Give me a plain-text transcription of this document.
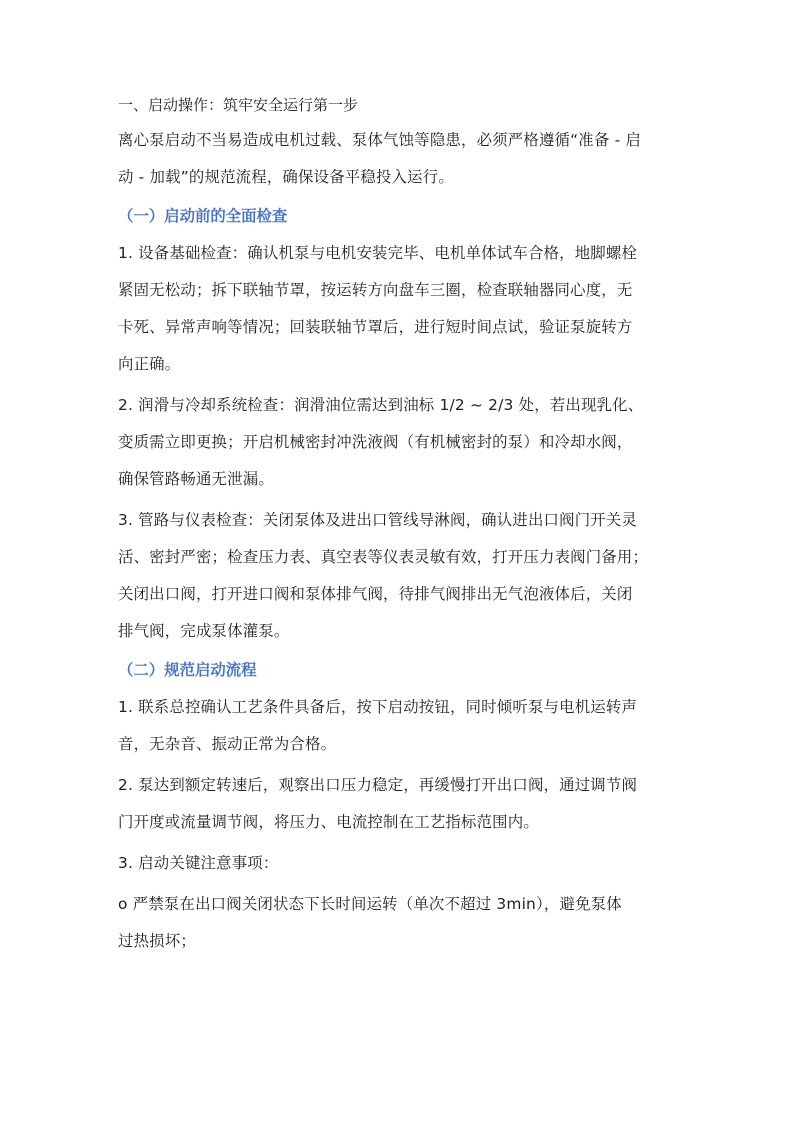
一、启动操作：筑牢安全运行第一步
离心泵启动不当易造成电机过载、泵体气蚀等隐患，必须严格遵循“准备 - 启
动 - 加载”的规范流程，确保设备平稳投入运行。
（一）启动前的全面检查
1. 设备基础检查：确认机泵与电机安装完毕、电机单体试车合格，地脚螺栓
紧固无松动；拆下联轴节罩，按运转方向盘车三圈，检查联轴器同心度，无
卡死、异常声响等情况；回装联轴节罩后，进行短时间点试，验证泵旋转方
向正确。
2. 润滑与冷却系统检查：润滑油位需达到油标 1/2 ~ 2/3 处，若出现乳化、
变质需立即更换；开启机械密封冲洗液阀（有机械密封的泵）和冷却水阀，
确保管路畅通无泄漏。
3. 管路与仪表检查：关闭泵体及进出口管线导淋阀，确认进出口阀门开关灵
活、密封严密；检查压力表、真空表等仪表灵敏有效，打开压力表阀门备用；
关闭出口阀，打开进口阀和泵体排气阀，待排气阀排出无气泡液体后，关闭
排气阀，完成泵体灌泵。
（二）规范启动流程
1. 联系总控确认工艺条件具备后，按下启动按钮，同时倾听泵与电机运转声
音，无杂音、振动正常为合格。
2. 泵达到额定转速后，观察出口压力稳定，再缓慢打开出口阀，通过调节阀
门开度或流量调节阀，将压力、电流控制在工艺指标范围内。
3. 启动关键注意事项：
o 严禁泵在出口阀关闭状态下长时间运转（单次不超过 3min），避免泵体
过热损坏；
